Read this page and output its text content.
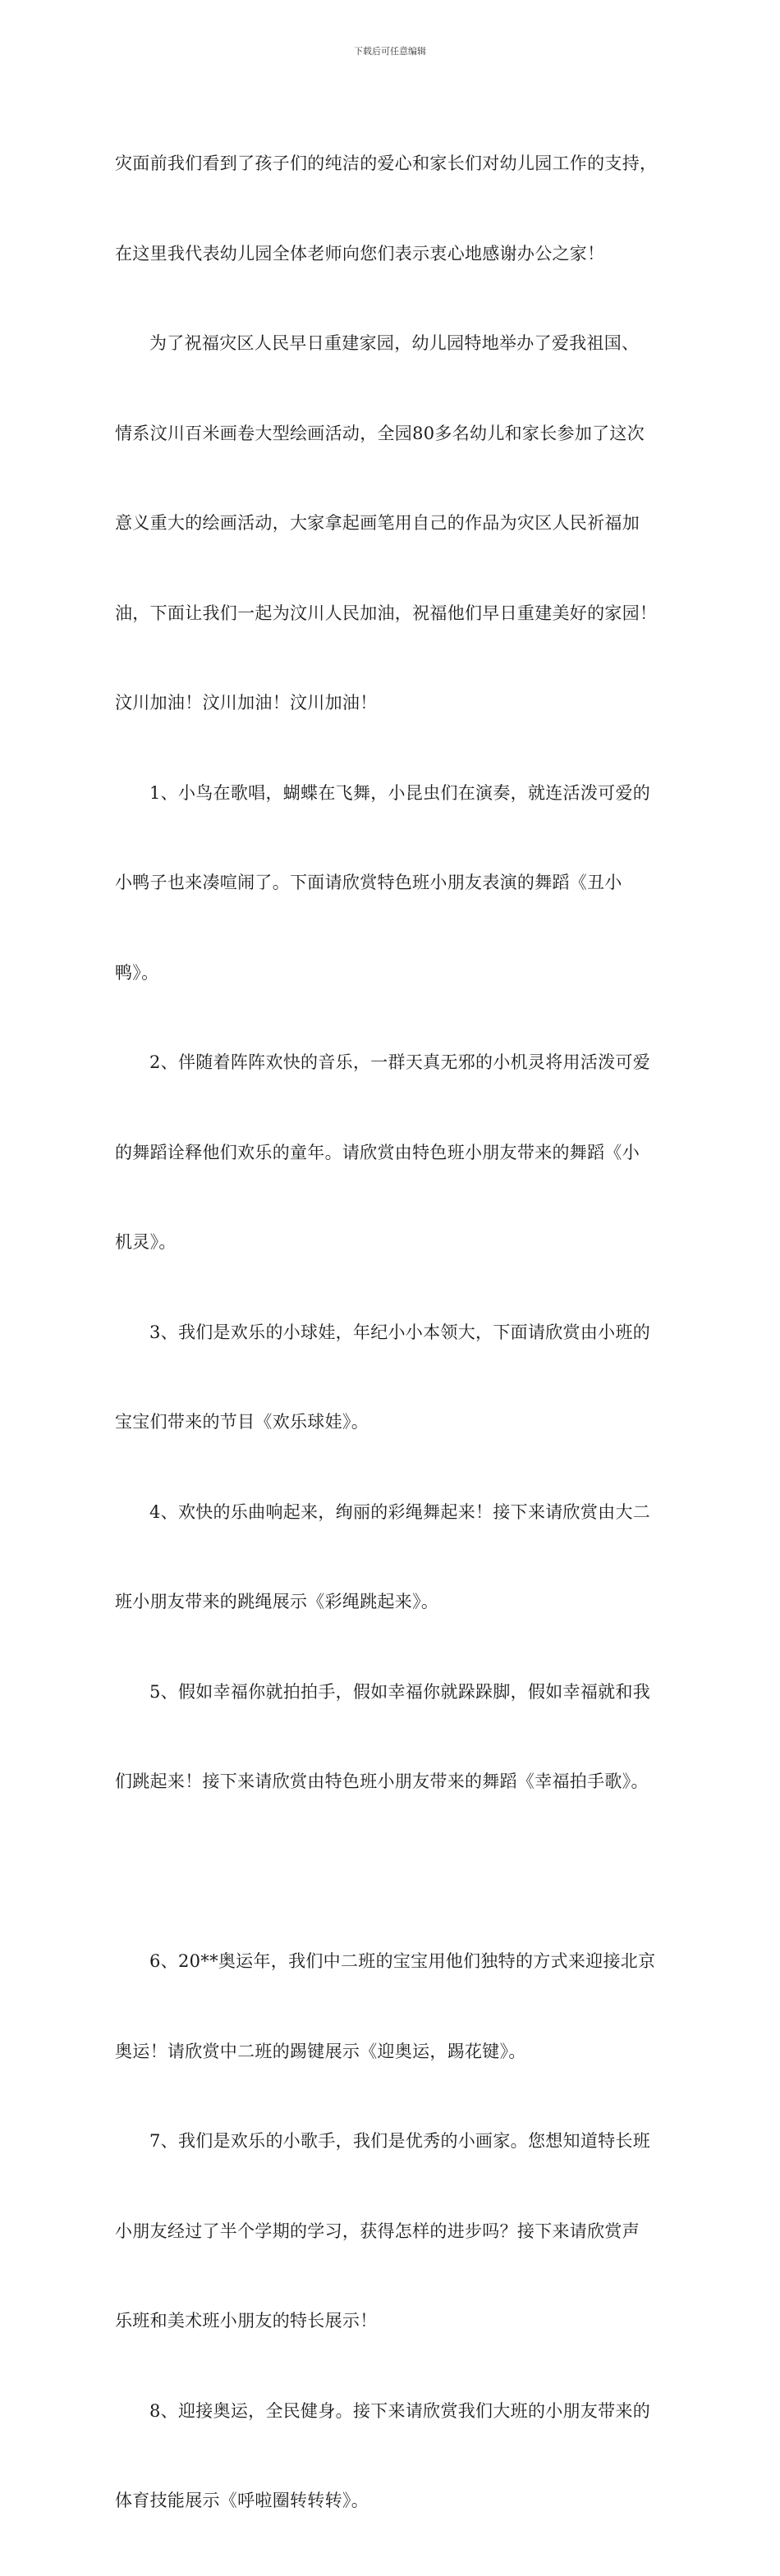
下载后可任意编辑

灾面前我们看到了孩子们的纯洁的爱心和家长们对幼儿园工作的支持，

在这里我代表幼儿园全体老师向您们表示衷心地感谢办公之家！

为了祝福灾区人民早日重建家园，幼儿园特地举办了爱我祖国、

情系汶川百米画卷大型绘画活动，全园80多名幼儿和家长参加了这次

意义重大的绘画活动，大家拿起画笔用自己的作品为灾区人民祈福加

油，下面让我们一起为汶川人民加油，祝福他们早日重建美好的家园！

汶川加油！汶川加油！汶川加油！

1、小鸟在歌唱，蝴蝶在飞舞，小昆虫们在演奏，就连活泼可爱的

小鸭子也来凑喧闹了。下面请欣赏特色班小朋友表演的舞蹈《丑小

鸭》。

2、伴随着阵阵欢快的音乐，一群天真无邪的小机灵将用活泼可爱

的舞蹈诠释他们欢乐的童年。请欣赏由特色班小朋友带来的舞蹈《小

机灵》。

3、我们是欢乐的小球娃，年纪小小本领大，下面请欣赏由小班的

宝宝们带来的节目《欢乐球娃》。

4、欢快的乐曲响起来，绚丽的彩绳舞起来！接下来请欣赏由大二

班小朋友带来的跳绳展示《彩绳跳起来》。

5、假如幸福你就拍拍手，假如幸福你就跺跺脚，假如幸福就和我

们跳起来！接下来请欣赏由特色班小朋友带来的舞蹈《幸福拍手歌》。

6、20**奥运年，我们中二班的宝宝用他们独特的方式来迎接北京

奥运！请欣赏中二班的踢键展示《迎奥运，踢花键》。

7、我们是欢乐的小歌手，我们是优秀的小画家。您想知道特长班

小朋友经过了半个学期的学习，获得怎样的进步吗？接下来请欣赏声

乐班和美术班小朋友的特长展示！

8、迎接奥运，全民健身。接下来请欣赏我们大班的小朋友带来的

体育技能展示《呼啦圈转转转》。
